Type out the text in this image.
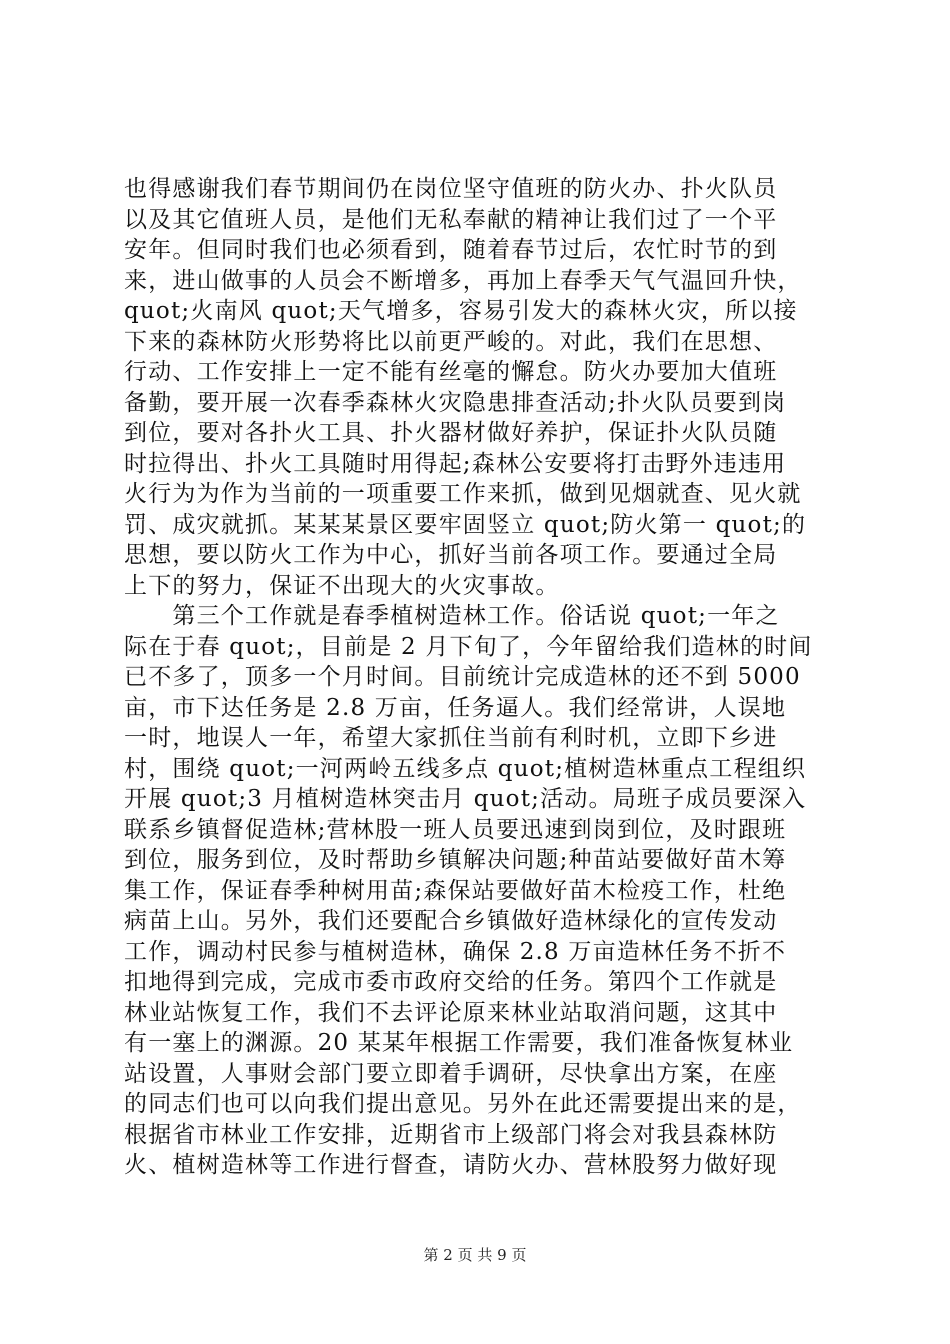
也得感谢我们春节期间仍在岗位坚守值班的防火办、扑火队员
以及其它值班人员，是他们无私奉献的精神让我们过了一个平
安年。但同时我们也必须看到，随着春节过后，农忙时节的到
来，进山做事的人员会不断增多，再加上春季天气气温回升快，
quot;火南风 quot;天气增多，容易引发大的森林火灾，所以接
下来的森林防火形势将比以前更严峻的。对此，我们在思想、
行动、工作安排上一定不能有丝毫的懈怠。防火办要加大值班
备勤，要开展一次春季森林火灾隐患排查活动;扑火队员要到岗
到位，要对各扑火工具、扑火器材做好养护，保证扑火队员随
时拉得出、扑火工具随时用得起;森林公安要将打击野外违违用
火行为为作为当前的一项重要工作来抓，做到见烟就查、见火就
罚、成灾就抓。某某某景区要牢固竖立 quot;防火第一 quot;的
思想，要以防火工作为中心，抓好当前各项工作。要通过全局
上下的努力，保证不出现大的火灾事故。
　　第三个工作就是春季植树造林工作。俗话说 quot;一年之
际在于春 quot;，目前是 2 月下旬了，今年留给我们造林的时间
已不多了，顶多一个月时间。目前统计完成造林的还不到 5000
亩，市下达任务是 2.8 万亩，任务逼人。我们经常讲，人误地
一时，地误人一年，希望大家抓住当前有利时机，立即下乡进
村，围绕 quot;一河两岭五线多点 quot;植树造林重点工程组织
开展 quot;3 月植树造林突击月 quot;活动。局班子成员要深入
联系乡镇督促造林;营林股一班人员要迅速到岗到位，及时跟班
到位，服务到位，及时帮助乡镇解决问题;种苗站要做好苗木筹
集工作，保证春季种树用苗;森保站要做好苗木检疫工作，杜绝
病苗上山。另外，我们还要配合乡镇做好造林绿化的宣传发动
工作，调动村民参与植树造林，确保 2.8 万亩造林任务不折不
扣地得到完成，完成市委市政府交给的任务。第四个工作就是
林业站恢复工作，我们不去评论原来林业站取消问题，这其中
有一塞上的渊源。20 某某年根据工作需要，我们准备恢复林业
站设置，人事财会部门要立即着手调研，尽快拿出方案，在座
的同志们也可以向我们提出意见。另外在此还需要提出来的是，
根据省市林业工作安排，近期省市上级部门将会对我县森林防
火、植树造林等工作进行督查，请防火办、营林股努力做好现
第 2 页 共 9 页
